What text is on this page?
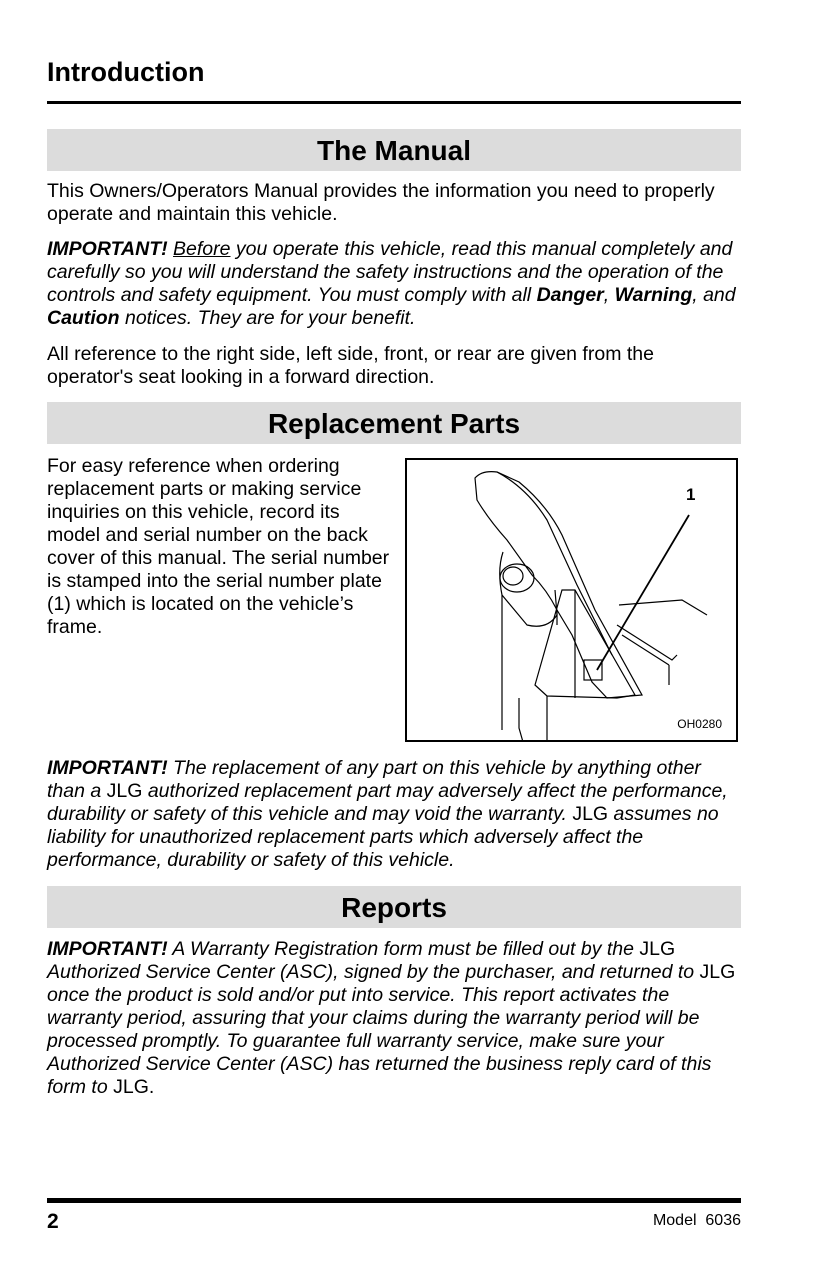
Introduction
The Manual

This Owners/Operators Manual provides the information you need to properly operate and maintain this vehicle.

IMPORTANT! Before you operate this vehicle, read this manual completely and carefully so you will understand the safety instructions and the operation of the controls and safety equipment. You must comply with all Danger, Warning, and Caution notices. They are for your benefit.

All reference to the right side, left side, front, or rear are given from the operator's seat looking in a forward direction.

Replacement Parts

For easy reference when ordering replacement parts or making service inquiries on this vehicle, record its model and serial number on the back cover of this manual. The serial number is stamped into the serial number plate (1) which is located on the vehicle’s frame.

1
OH0280

IMPORTANT! The replacement of any part on this vehicle by anything other than a JLG authorized replacement part may adversely affect the performance, durability or safety of this vehicle and may void the warranty. JLG assumes no liability for unauthorized replacement parts which adversely affect the performance, durability or safety of this vehicle.

Reports

IMPORTANT! A Warranty Registration form must be filled out by the JLG Authorized Service Center (ASC), signed by the purchaser, and returned to JLG once the product is sold and/or put into service. This report activates the warranty period, assuring that your claims during the warranty period will be processed promptly. To guarantee full warranty service, make sure your Authorized Service Center (ASC) has returned the business reply card of this form to JLG.

2	Model  6036
